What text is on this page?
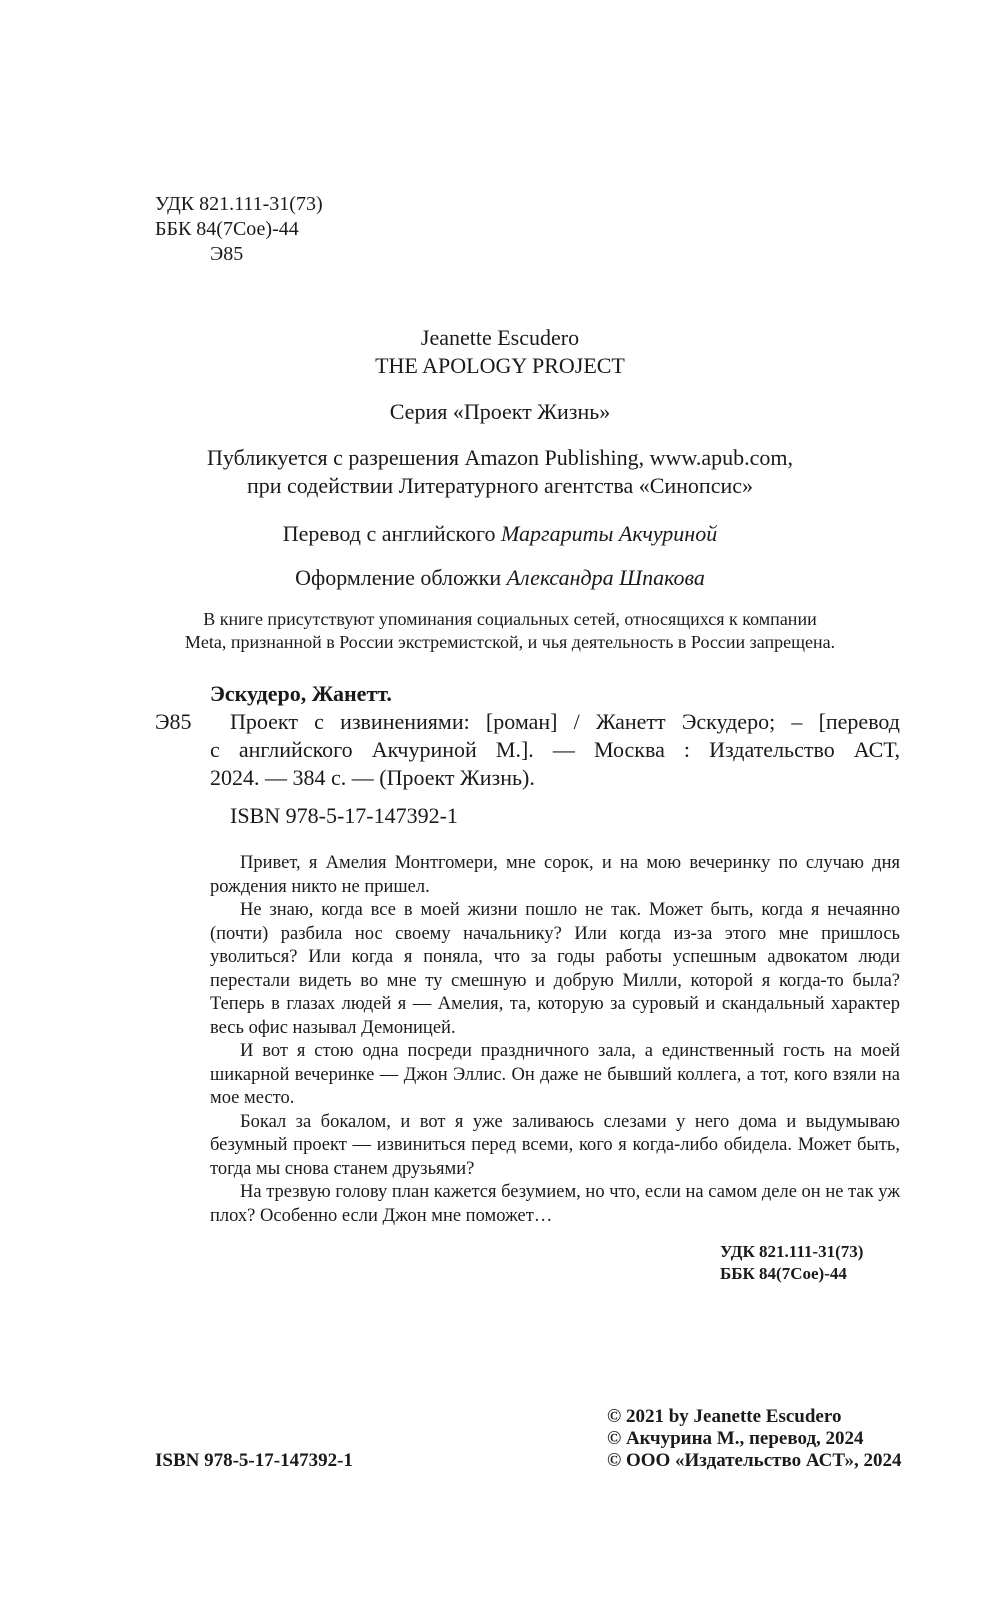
УДК 821.111-31(73)
ББК 84(7Сое)-44
Э85
Jeanette Escudero
THE APOLOGY PROJECT
Серия «Проект Жизнь»
Публикуется с разрешения Amazon Publishing, www.apub.com,
при содействии Литературного агентства «Синопсис»
Перевод с английского Маргариты Акчуриной
Оформление обложки Александра Шпакова
В книге присутствуют упоминания социальных сетей, относящихся к компании
Meta, признанной в России экстремистской, и чья деятельность в России запрещена.
Эскудеро, Жанетт.
Э85	Проект с извинениями: [роман] / Жанетт Эскудеро; – [перевод
с английского Акчуриной М.]. — Москва : Издательство АСТ,
2024. — 384 с. — (Проект Жизнь).
ISBN 978-5-17-147392-1

Привет, я Амелия Монтгомери, мне сорок, и на мою вечеринку по случаю дня рождения никто не пришел.

Не знаю, когда все в моей жизни пошло не так. Может быть, когда я нечаянно (почти) разбила нос своему начальнику? Или когда из-за этого мне пришлось уволиться? Или когда я поняла, что за годы работы успешным адвокатом люди перестали видеть во мне ту смешную и добрую Милли, которой я когда-то была? Теперь в глазах людей я — Амелия, та, которую за суровый и скандальный характер весь офис называл Демоницей.

И вот я стою одна посреди праздничного зала, а единственный гость на моей шикарной вечеринке — Джон Эллис. Он даже не бывший коллега, а тот, кого взяли на мое место.

Бокал за бокалом, и вот я уже заливаюсь слезами у него дома и выдумываю безумный проект — извиниться перед всеми, кого я когда-либо обидела. Может быть, тогда мы снова станем друзьями?

На трезвую голову план кажется безумием, но что, если на самом деле он не так уж плох? Особенно если Джон мне поможет…

УДК 821.111-31(73)
ББК 84(7Сое)-44
© 2021 by Jeanette Escudero
© Акчурина М., перевод, 2024
© ООО «Издательство АСТ», 2024
ISBN 978-5-17-147392-1
